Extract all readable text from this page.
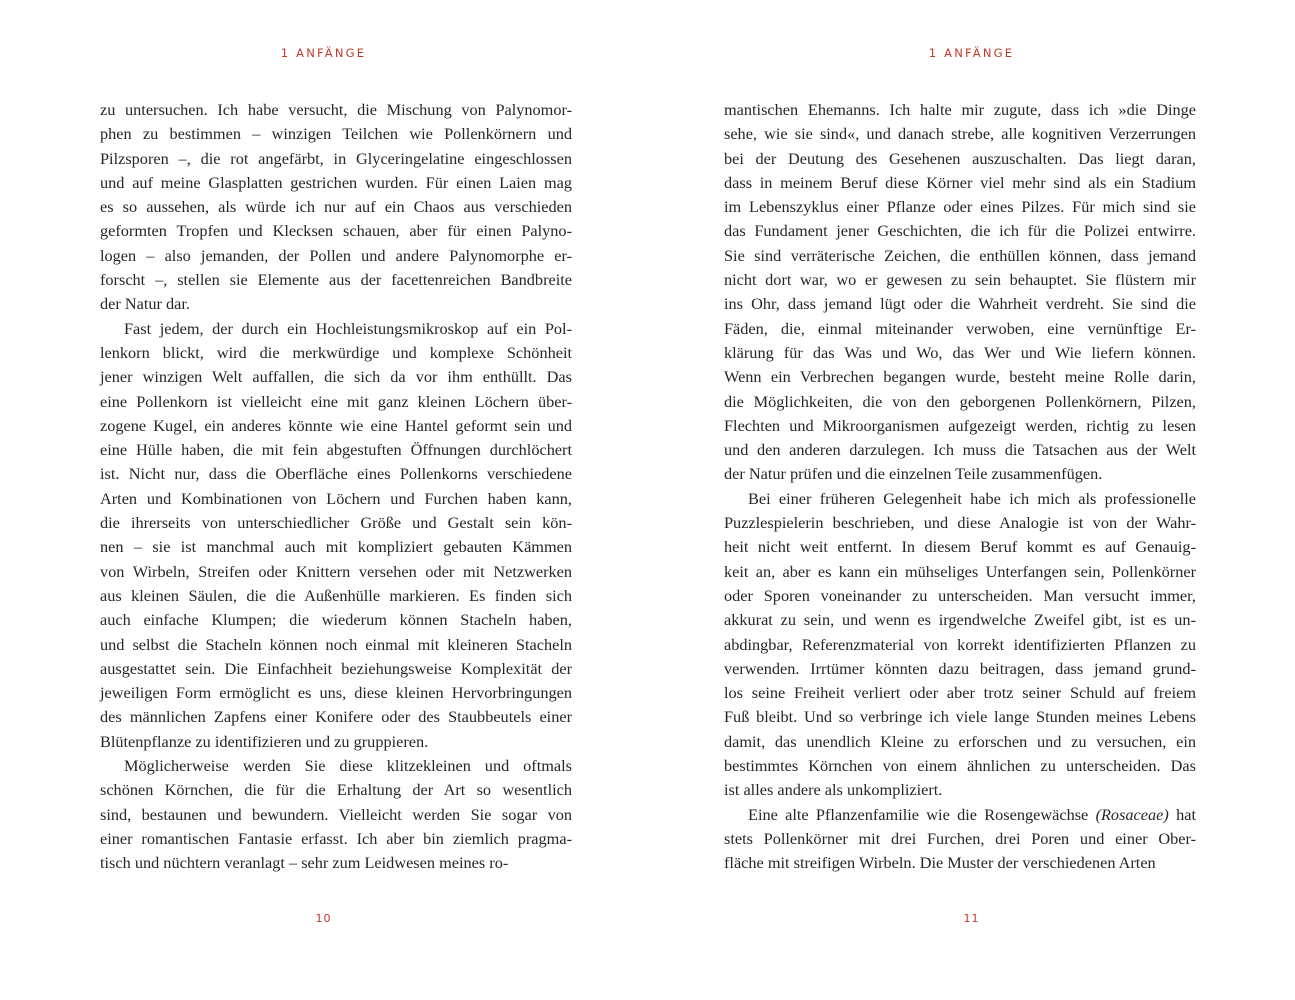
1 ANFÄNGE

zu untersuchen. Ich habe versucht, die Mischung von Palynomor-
phen zu bestimmen – winzigen Teilchen wie Pollenkörnern und
Pilzsporen –, die rot angefärbt, in Glyceringelatine eingeschlossen
und auf meine Glasplatten gestrichen wurden. Für einen Laien mag
es so aussehen, als würde ich nur auf ein Chaos aus verschieden
geformten Tropfen und Klecksen schauen, aber für einen Palyno-
logen – also jemanden, der Pollen und andere Palynomorphe er-
forscht –, stellen sie Elemente aus der facettenreichen Bandbreite
der Natur dar.

Fast jedem, der durch ein Hochleistungsmikroskop auf ein Pol-
lenkorn blickt, wird die merkwürdige und komplexe Schönheit
jener winzigen Welt auffallen, die sich da vor ihm enthüllt. Das
eine Pollenkorn ist vielleicht eine mit ganz kleinen Löchern über-
zogene Kugel, ein anderes könnte wie eine Hantel geformt sein und
eine Hülle haben, die mit fein abgestuften Öffnungen durchlöchert
ist. Nicht nur, dass die Oberfläche eines Pollenkorns verschiedene
Arten und Kombinationen von Löchern und Furchen haben kann,
die ihrerseits von unterschiedlicher Größe und Gestalt sein kön-
nen – sie ist manchmal auch mit kompliziert gebauten Kämmen
von Wirbeln, Streifen oder Knittern versehen oder mit Netzwerken
aus kleinen Säulen, die die Außenhülle markieren. Es finden sich
auch einfache Klumpen; die wiederum können Stacheln haben,
und selbst die Stacheln können noch einmal mit kleineren Stacheln
ausgestattet sein. Die Einfachheit beziehungsweise Komplexität der
jeweiligen Form ermöglicht es uns, diese kleinen Hervorbringungen
des männlichen Zapfens einer Konifere oder des Staubbeutels einer
Blütenpflanze zu identifizieren und zu gruppieren.

Möglicherweise werden Sie diese klitzekleinen und oftmals
schönen Körnchen, die für die Erhaltung der Art so wesentlich
sind, bestaunen und bewundern. Vielleicht werden Sie sogar von
einer romantischen Fantasie erfasst. Ich aber bin ziemlich pragma-
tisch und nüchtern veranlagt – sehr zum Leidwesen meines ro-

10
1 ANFÄNGE

mantischen Ehemanns. Ich halte mir zugute, dass ich »die Dinge
sehe, wie sie sind«, und danach strebe, alle kognitiven Verzerrungen
bei der Deutung des Gesehenen auszuschalten. Das liegt daran,
dass in meinem Beruf diese Körner viel mehr sind als ein Stadium
im Lebenszyklus einer Pflanze oder eines Pilzes. Für mich sind sie
das Fundament jener Geschichten, die ich für die Polizei entwirre.
Sie sind verräterische Zeichen, die enthüllen können, dass jemand
nicht dort war, wo er gewesen zu sein behauptet. Sie flüstern mir
ins Ohr, dass jemand lügt oder die Wahrheit verdreht. Sie sind die
Fäden, die, einmal miteinander verwoben, eine vernünftige Er-
klärung für das Was und Wo, das Wer und Wie liefern können.
Wenn ein Verbrechen begangen wurde, besteht meine Rolle darin,
die Möglichkeiten, die von den geborgenen Pollenkörnern, Pilzen,
Flechten und Mikroorganismen aufgezeigt werden, richtig zu lesen
und den anderen darzulegen. Ich muss die Tatsachen aus der Welt
der Natur prüfen und die einzelnen Teile zusammenfügen.

Bei einer früheren Gelegenheit habe ich mich als professionelle
Puzzlespielerin beschrieben, und diese Analogie ist von der Wahr-
heit nicht weit entfernt. In diesem Beruf kommt es auf Genauig-
keit an, aber es kann ein mühseliges Unterfangen sein, Pollenkörner
oder Sporen voneinander zu unterscheiden. Man versucht immer,
akkurat zu sein, und wenn es irgendwelche Zweifel gibt, ist es un-
abdingbar, Referenzmaterial von korrekt identifizierten Pflanzen zu
verwenden. Irrtümer könnten dazu beitragen, dass jemand grund-
los seine Freiheit verliert oder aber trotz seiner Schuld auf freiem
Fuß bleibt. Und so verbringe ich viele lange Stunden meines Lebens
damit, das unendlich Kleine zu erforschen und zu versuchen, ein
bestimmtes Körnchen von einem ähnlichen zu unterscheiden. Das
ist alles andere als unkompliziert.

Eine alte Pflanzenfamilie wie die Rosengewächse (Rosaceae) hat
stets Pollenkörner mit drei Furchen, drei Poren und einer Ober-
fläche mit streifigen Wirbeln. Die Muster der verschiedenen Arten

11
